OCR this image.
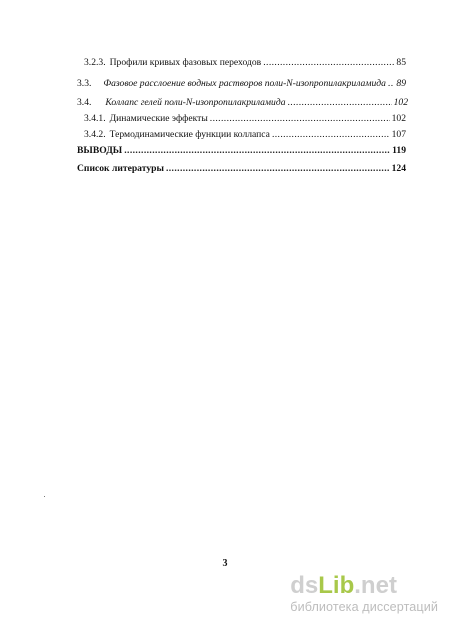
3.2.3. Профили кривых фазовых переходов .....	85
3.3. Фазовое расслоение водных растворов поли-N-изопропилакриламида ..... 89
3.4. Коллапс гелей поли-N-изопропилакриламида .....	102
3.4.1. Динамические эффекты .....	102
3.4.2. Термодинамические функции коллапса .....	107
ВЫВОДЫ .....	119
Список литературы .....	124
3
dsLib.net
библиотека диссертаций
